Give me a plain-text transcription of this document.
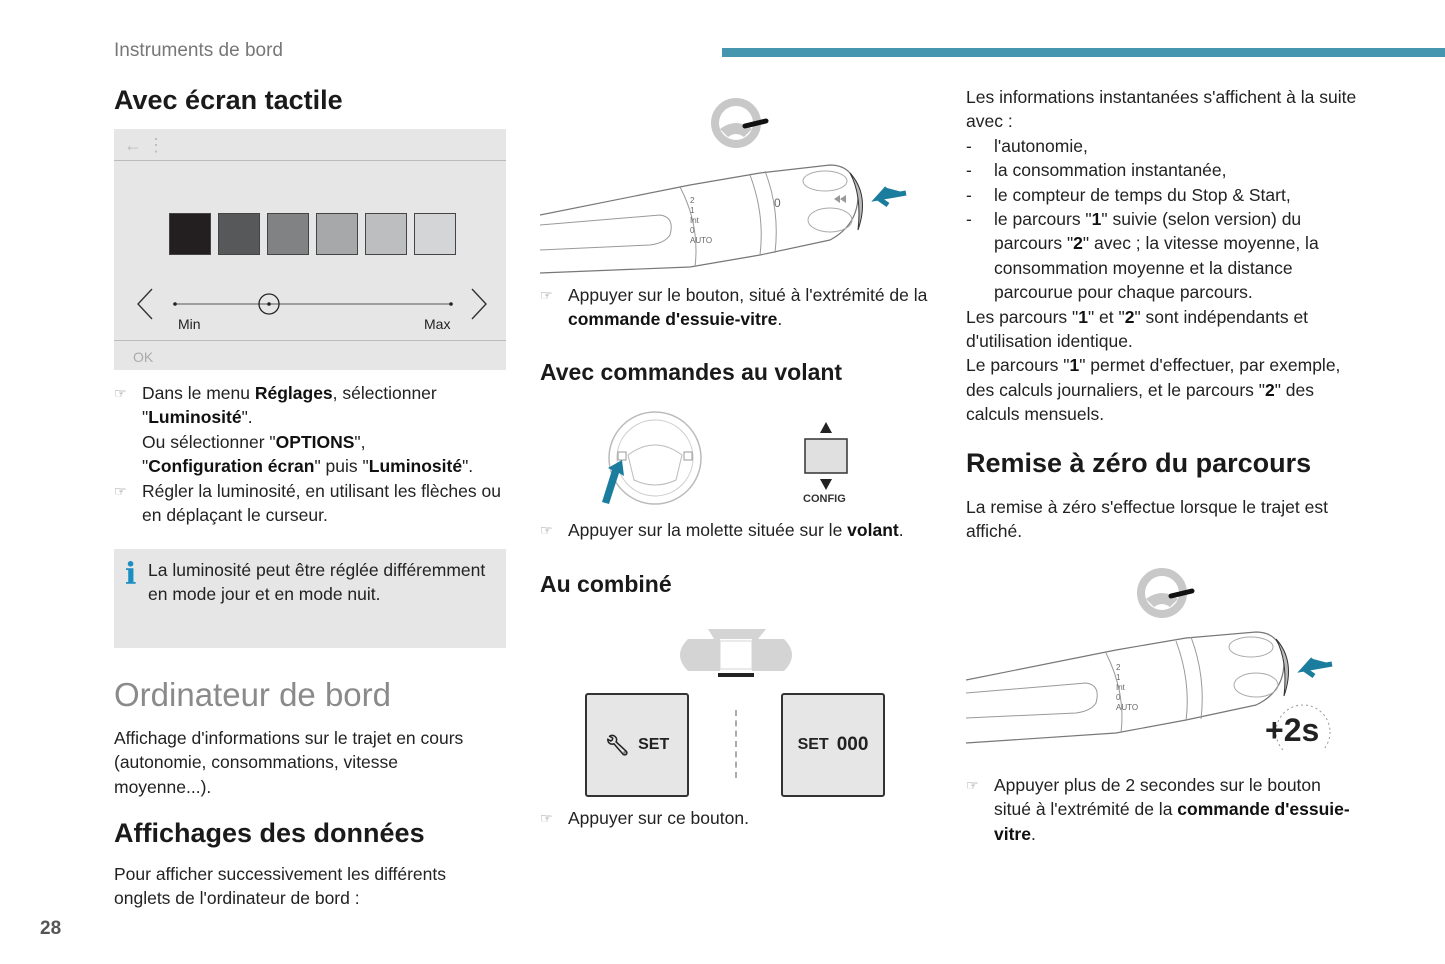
Instruments de bord
Avec écran tactile
← ⋮
Min	Max
OK
☞ Dans le menu Réglages, sélectionner "Luminosité".
Ou sélectionner "OPTIONS",
"Configuration écran" puis "Luminosité".
☞ Régler la luminosité, en utilisant les flèches ou en déplaçant le curseur.
i La luminosité peut être réglée différemment en mode jour et en mode nuit.
Ordinateur de bord
Affichage d'informations sur le trajet en cours (autonomie, consommations, vitesse moyenne...).
Affichages des données
Pour afficher successivement les différents onglets de l'ordinateur de bord :
28
2
1
Int
0
AUTO
0
☞ Appuyer sur le bouton, situé à l'extrémité de la commande d'essuie-vitre.
Avec commandes au volant
CONFIG
☞ Appuyer sur la molette située sur le volant.
Au combiné
🔧︎ SET	SET 000
☞ Appuyer sur ce bouton.
Les informations instantanées s'affichent à la suite avec :
- l'autonomie,
- la consommation instantanée,
- le compteur de temps du Stop & Start,
- le parcours "1" suivie (selon version) du parcours "2" avec ; la vitesse moyenne, la consommation moyenne et la distance parcourue pour chaque parcours.
Les parcours "1" et "2" sont indépendants et d'utilisation identique.
Le parcours "1" permet d'effectuer, par exemple, des calculs journaliers, et le parcours "2" des calculs mensuels.
Remise à zéro du parcours
La remise à zéro s'effectue lorsque le trajet est affiché.
2
1
Int
0
AUTO
+2s
☞ Appuyer plus de 2 secondes sur le bouton situé à l'extrémité de la commande d'essuie-vitre.
